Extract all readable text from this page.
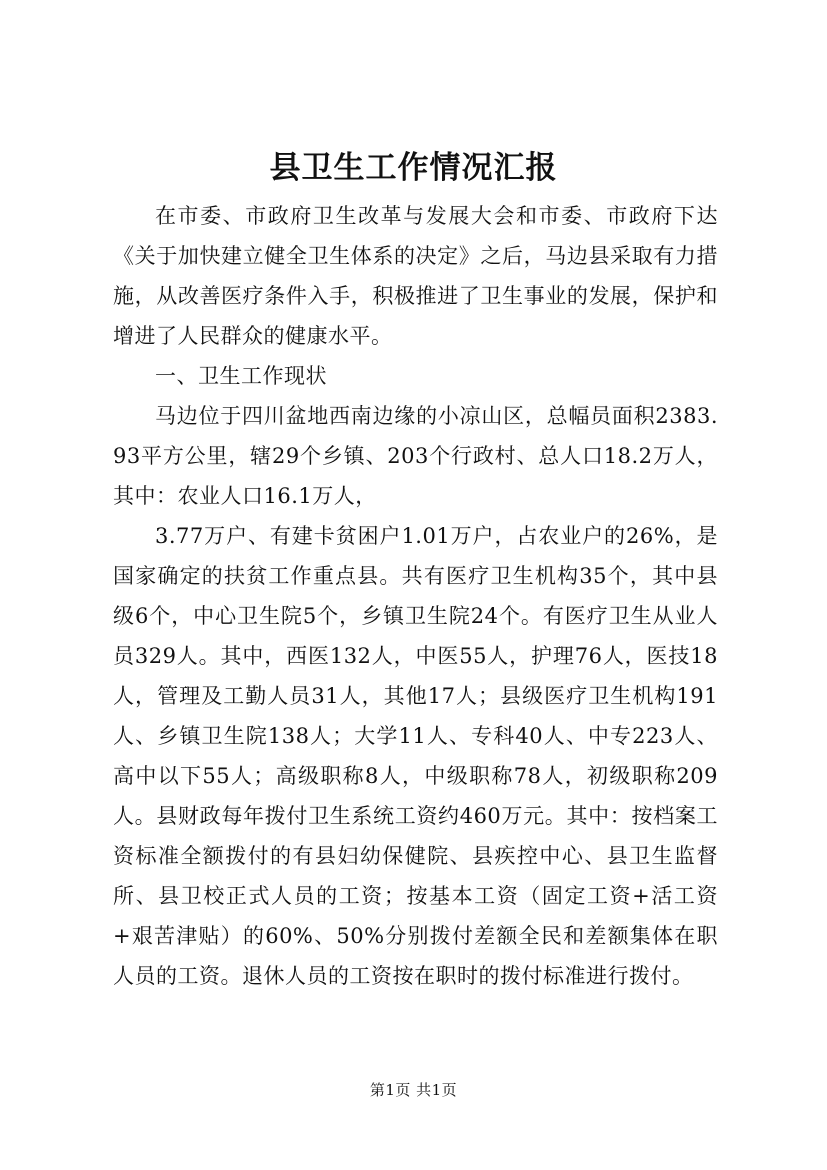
县卫生工作情况汇报

在市委、市政府卫生改革与发展大会和市委、市政府下达《关于加快建立健全卫生体系的决定》之后，马边县采取有力措施，从改善医疗条件入手，积极推进了卫生事业的发展，保护和增进了人民群众的健康水平。

一、卫生工作现状

马边位于四川盆地西南边缘的小凉山区，总幅员面积2383.93平方公里，辖29个乡镇、203个行政村、总人口18.2万人，其中：农业人口16.1万人，

3.77万户、有建卡贫困户1.01万户，占农业户的26%，是国家确定的扶贫工作重点县。共有医疗卫生机构35个，其中县级6个，中心卫生院5个，乡镇卫生院24个。有医疗卫生从业人员329人。其中，西医132人，中医55人，护理76人，医技18人，管理及工勤人员31人，其他17人；县级医疗卫生机构191人、乡镇卫生院138人；大学11人、专科40人、中专223人、高中以下55人；高级职称8人，中级职称78人，初级职称209人。县财政每年拨付卫生系统工资约460万元。其中：按档案工资标准全额拨付的有县妇幼保健院、县疾控中心、县卫生监督所、县卫校正式人员的工资；按基本工资（固定工资+活工资+艰苦津贴）的60%、50%分别拨付差额全民和差额集体在职人员的工资。退休人员的工资按在职时的拨付标准进行拨付。

第1页 共1页
